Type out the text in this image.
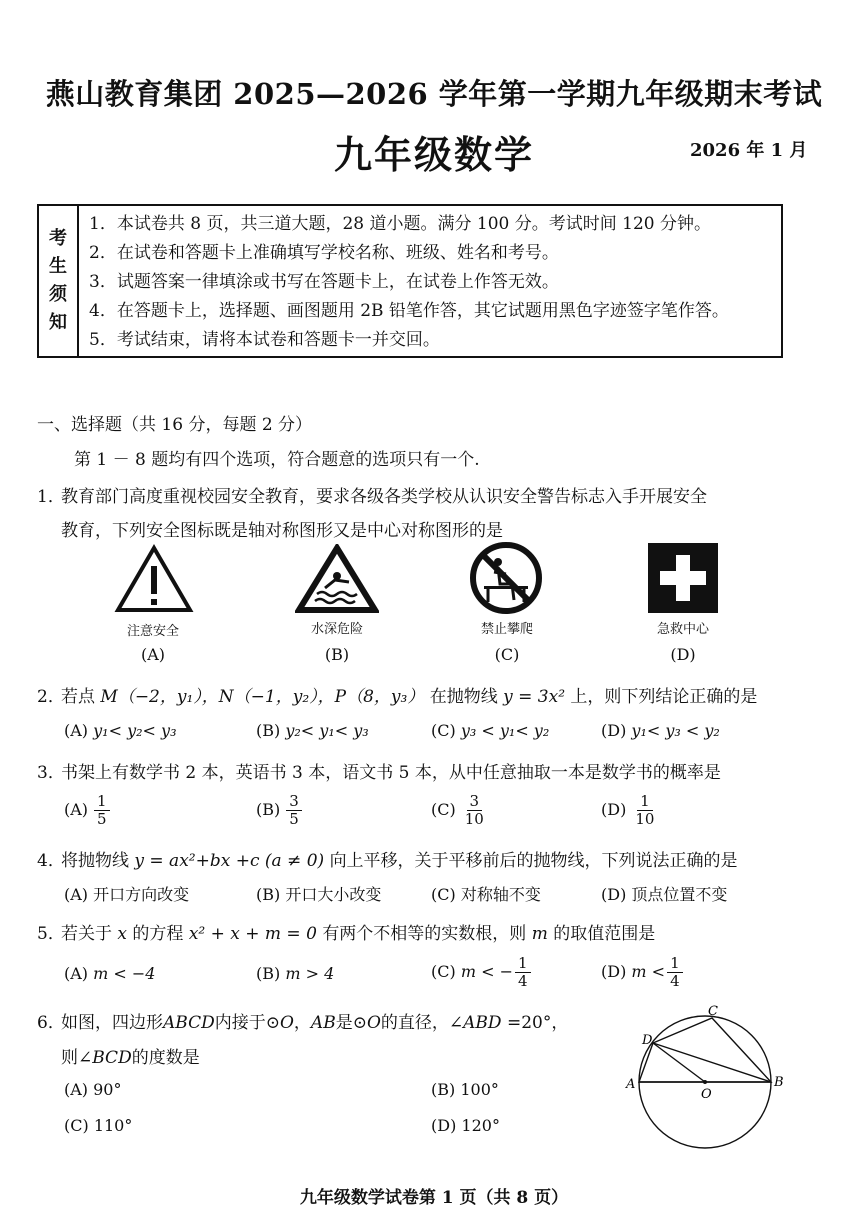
燕山教育集团 2025—2026 学年第一学期九年级期末考试
九年级数学	2026 年 1 月
考
生
须
知
1．本试卷共 8 页，共三道大题，28 道小题。满分 100 分。考试时间 120 分钟。
2．在试卷和答题卡上准确填写学校名称、班级、姓名和考号。
3．试题答案一律填涂或书写在答题卡上，在试卷上作答无效。
4．在答题卡上，选择题、画图题用 2B 铅笔作答，其它试题用黑色字迹签字笔作答。
5．考试结束，请将本试卷和答题卡一并交回。
一、选择题（共 16 分，每题 2 分）
第 1 － 8 题均有四个选项，符合题意的选项只有一个.
1．教育部门高度重视校园安全教育，要求各级各类学校从认识安全警告标志入手开展安全
教育，下列安全图标既是轴对称图形又是中心对称图形的是
注意安全	水深危险	禁止攀爬	急救中心
(A)	(B)	(C)	(D)
2．若点 M（−2，y₁），N（−1，y₂），P（8，y₃） 在抛物线 y = 3x² 上，则下列结论正确的是
(A) y₁< y₂< y₃	(B) y₂< y₁< y₃	(C) y₃ < y₁< y₂	(D) y₁< y₃ < y₂
3．书架上有数学书 2 本，英语书 3 本，语文书 5 本，从中任意抽取一本是数学书的概率是
$(A) \frac{1}{5}$	$(B) \frac{3}{5}$	$(C) \frac{3}{10}$	$(D) \frac{1}{10}$
4．将抛物线 y = ax²+bx +c (a ≠ 0) 向上平移，关于平移前后的抛物线，下列说法正确的是
(A) 开口方向改变	(B) 开口大小改变	(C) 对称轴不变	(D) 顶点位置不变
5．若关于 x 的方程 x² + x + m = 0 有两个不相等的实数根，则 m 的取值范围是
(A) m < −4	(B) m > 4	(C) m < − $\frac{1}{4}$	(D) $m < \frac{1}{4}$
6．如图，四边形ABCD内接于⊙O，AB是⊙O的直径，∠ABD =20°，
则∠BCD的度数是
(A) 90°	(B) 100°
(C) 110°	(D) 120°
A	B
C
D
O
九年级数学试卷第 1 页（共 8 页）
